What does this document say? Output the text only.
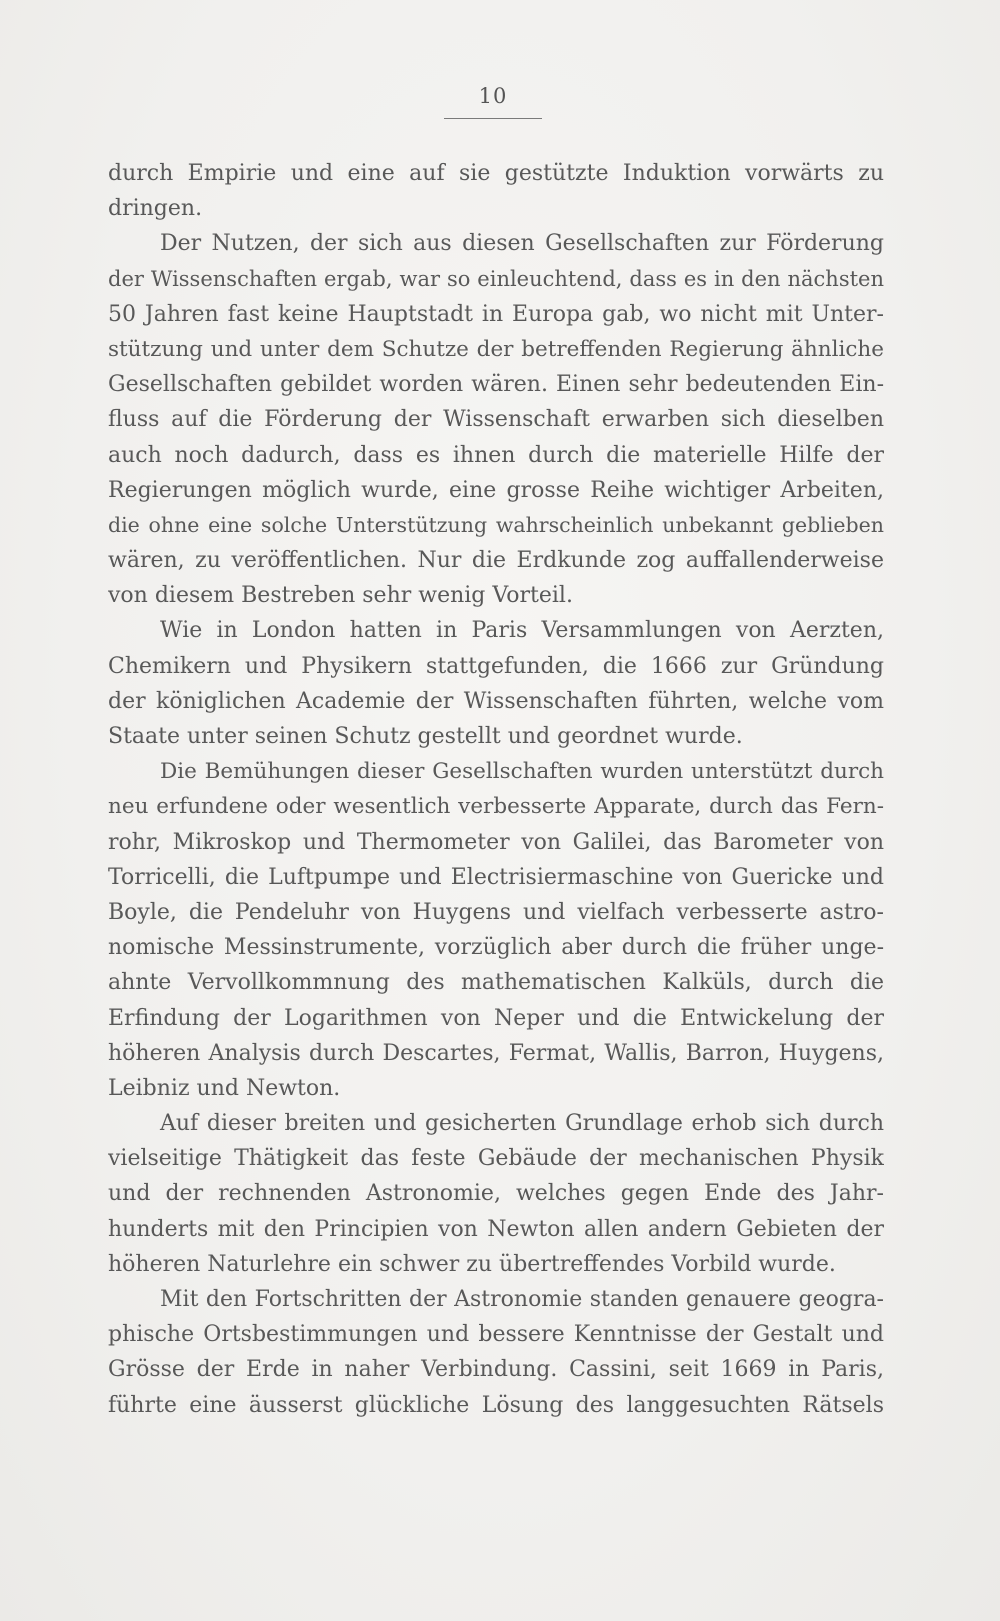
10
durch Empirie und eine auf sie gestützte Induktion vorwärts zu
dringen.
Der Nutzen, der sich aus diesen Gesellschaften zur Förderung
der Wissenschaften ergab, war so einleuchtend, dass es in den nächsten
50 Jahren fast keine Hauptstadt in Europa gab, wo nicht mit Unter-
stützung und unter dem Schutze der betreffenden Regierung ähnliche
Gesellschaften gebildet worden wären. Einen sehr bedeutenden Ein-
fluss auf die Förderung der Wissenschaft erwarben sich dieselben
auch noch dadurch, dass es ihnen durch die materielle Hilfe der
Regierungen möglich wurde, eine grosse Reihe wichtiger Arbeiten,
die ohne eine solche Unterstützung wahrscheinlich unbekannt geblieben
wären, zu veröffentlichen. Nur die Erdkunde zog auffallenderweise
von diesem Bestreben sehr wenig Vorteil.
Wie in London hatten in Paris Versammlungen von Aerzten,
Chemikern und Physikern stattgefunden, die 1666 zur Gründung
der königlichen Academie der Wissenschaften führten, welche vom
Staate unter seinen Schutz gestellt und geordnet wurde.
Die Bemühungen dieser Gesellschaften wurden unterstützt durch
neu erfundene oder wesentlich verbesserte Apparate, durch das Fern-
rohr, Mikroskop und Thermometer von Galilei, das Barometer von
Torricelli, die Luftpumpe und Electrisiermaschine von Guericke und
Boyle, die Pendeluhr von Huygens und vielfach verbesserte astro-
nomische Messinstrumente, vorzüglich aber durch die früher unge-
ahnte Vervollkommnung des mathematischen Kalküls, durch die
Erfindung der Logarithmen von Neper und die Entwickelung der
höheren Analysis durch Descartes, Fermat, Wallis, Barron, Huygens,
Leibniz und Newton.
Auf dieser breiten und gesicherten Grundlage erhob sich durch
vielseitige Thätigkeit das feste Gebäude der mechanischen Physik
und der rechnenden Astronomie, welches gegen Ende des Jahr-
hunderts mit den Principien von Newton allen andern Gebieten der
höheren Naturlehre ein schwer zu übertreffendes Vorbild wurde.
Mit den Fortschritten der Astronomie standen genauere geogra-
phische Ortsbestimmungen und bessere Kenntnisse der Gestalt und
Grösse der Erde in naher Verbindung. Cassini, seit 1669 in Paris,
führte eine äusserst glückliche Lösung des langgesuchten Rätsels
